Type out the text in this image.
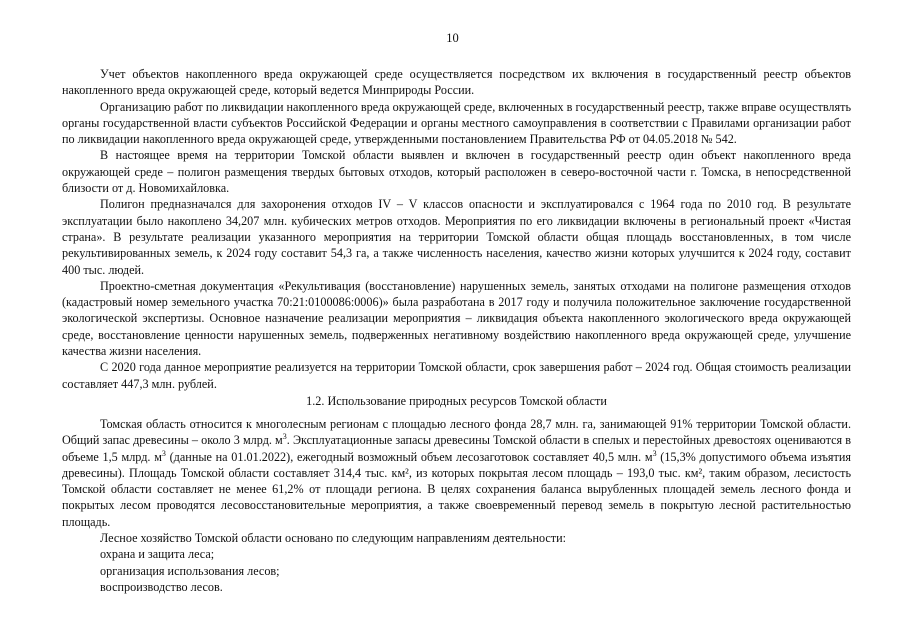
10

Учет объектов накопленного вреда окружающей среде осуществляется посредством их включения в государственный реестр объектов накопленного вреда окружающей среде, который ведется Минприроды России.

Организацию работ по ликвидации накопленного вреда окружающей среде, включенных в государственный реестр, также вправе осуществлять органы государственной власти субъектов Российской Федерации и органы местного самоуправления в соответствии с Правилами организации работ по ликвидации накопленного вреда окружающей среде, утвержденными постановлением Правительства РФ от 04.05.2018 № 542.

В настоящее время на территории Томской области выявлен и включен в государственный реестр один объект накопленного вреда окружающей среде – полигон размещения твердых бытовых отходов, который расположен в северо-восточной части г. Томска, в непосредственной близости от д. Новомихайловка.

Полигон предназначался для захоронения отходов IV – V классов опасности и эксплуатировался с 1964 года по 2010 год. В результате эксплуатации было накоплено 34,207 млн. кубических метров отходов. Мероприятия по его ликвидации включены в региональный проект «Чистая страна». В результате реализации указанного мероприятия на территории Томской области общая площадь восстановленных, в том числе рекультивированных земель, к 2024 году составит 54,3 га, а также численность населения, качество жизни которых улучшится к 2024 году, составит 400 тыс. людей.

Проектно-сметная документация «Рекультивация (восстановление) нарушенных земель, занятых отходами на полигоне размещения отходов (кадастровый номер земельного участка 70:21:0100086:0006)» была разработана в 2017 году и получила положительное заключение государственной экологической экспертизы. Основное назначение реализации мероприятия – ликвидация объекта накопленного экологического вреда окружающей среде, восстановление ценности нарушенных земель, подверженных негативному воздействию накопленного вреда окружающей среде, улучшение качества жизни населения.

С 2020 года данное мероприятие реализуется на территории Томской области, срок завершения работ – 2024 год. Общая стоимость реализации составляет 447,3 млн. рублей.

1.2. Использование природных ресурсов Томской области

Томская область относится к многолесным регионам с площадью лесного фонда 28,7 млн. га, занимающей 91% территории Томской области. Общий запас древесины – около 3 млрд. $м^3$. Эксплуатационные запасы древесины Томской области в спелых и перестойных древостоях оцениваются в объеме 1,5 млрд. $м^3$ (данные на 01.01.2022), ежегодный возможный объем лесозаготовок составляет 40,5 млн. $м^3$ (15,3% допустимого объема изъятия древесины). Площадь Томской области составляет 314,4 тыс. км², из которых покрытая лесом площадь – 193,0 тыс. км², таким образом, лесистость Томской области составляет не менее 61,2% от площади региона. В целях сохранения баланса вырубленных площадей земель лесного фонда и покрытых лесом проводятся лесовосстановительные мероприятия, а также своевременный перевод земель в покрытую лесной растительностью площадь.

Лесное хозяйство Томской области основано по следующим направлениям деятельности:

охрана и защита леса;

организация использования лесов;

воспроизводство лесов.
